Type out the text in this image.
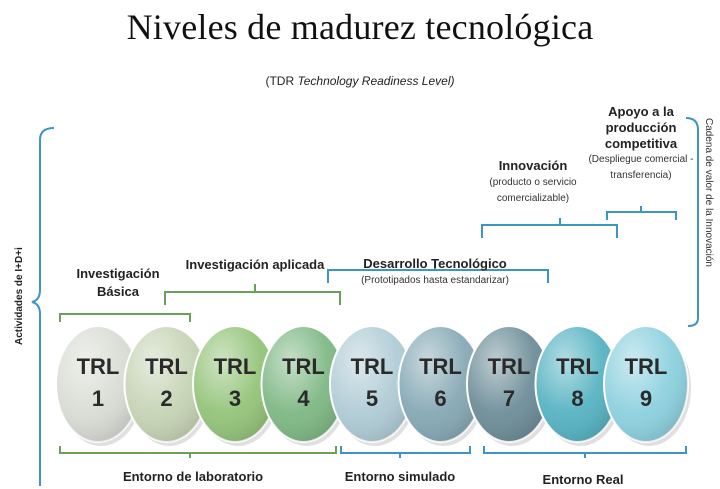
Niveles de madurez tecnológica
(TDR Technology Readiness Level)
TRL
1
TRL
2
TRL
3
TRL
4
TRL
5
TRL
6
TRL
7
TRL
8
TRL
9
Actividades de I+D+i
Cadena de valor de la Innovación
Investigación
Básica
Investigación aplicada	Desarrollo Tecnológico
(Prototipados hasta estandarizar)
Innovación
(producto o servicio
comercializable)
Apoyo a la
producción
competitiva
(Despliegue comercial -
transferencia)
Entorno de laboratorio	Entorno simulado	Entorno Real
